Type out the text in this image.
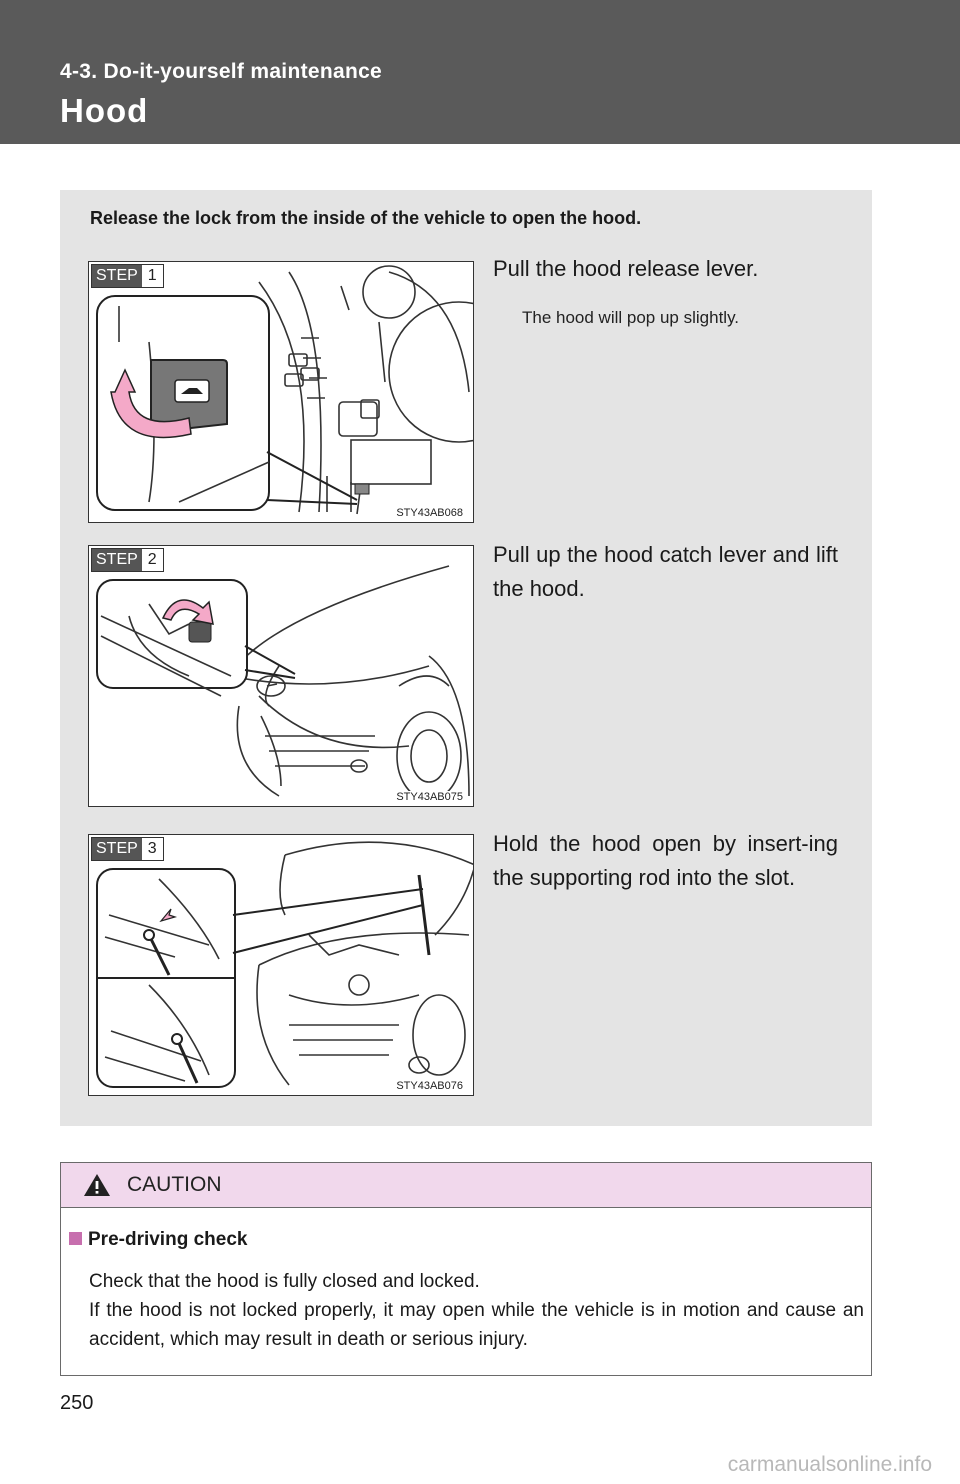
4-3. Do-it-yourself maintenance
Hood
Release the lock from the inside of the vehicle to open the hood.
STEP 1
STY43AB068
Pull the hood release lever.
The hood will pop up slightly.
STEP 2
STY43AB075
Pull up the hood catch lever and lift the hood.
STEP 3
STY43AB076
Hold the hood open by insert-ing the supporting rod into the slot.
CAUTION
Pre-driving check
Check that the hood is fully closed and locked.
If the hood is not locked properly, it may open while the vehicle is in motion and cause an accident, which may result in death or serious injury.
250
carmanualsonline.info
